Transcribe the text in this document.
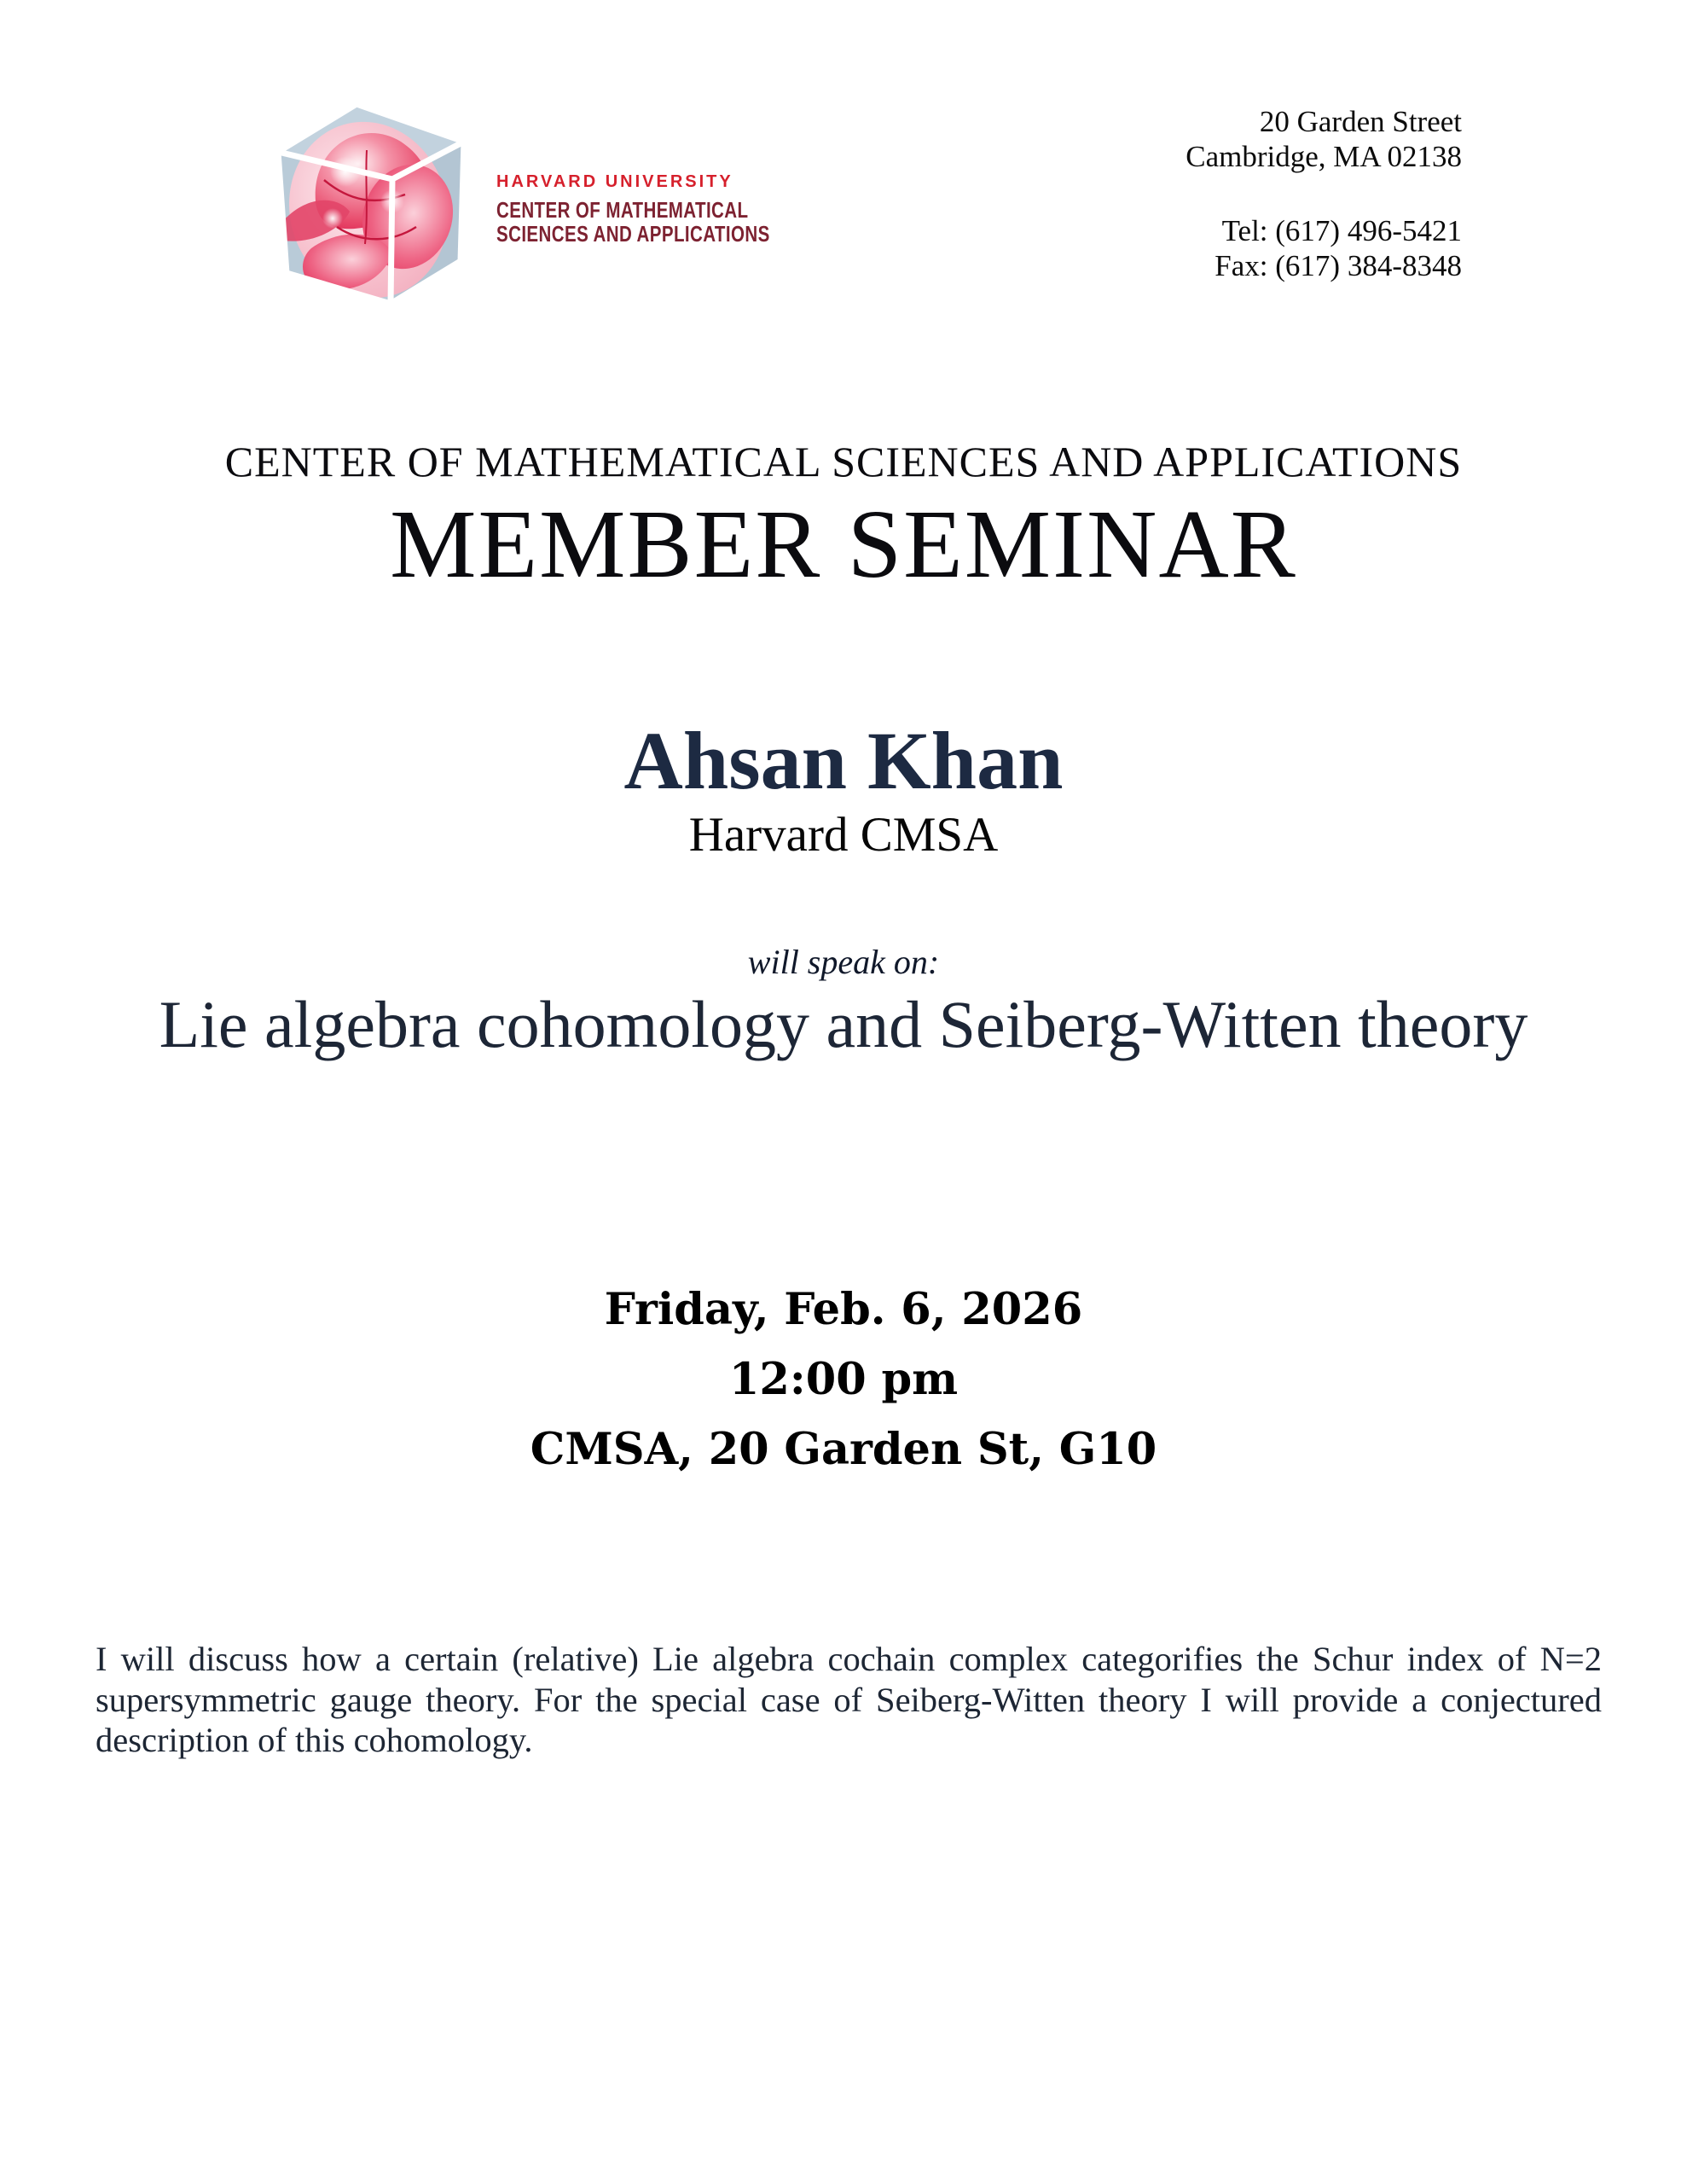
HARVARD UNIVERSITY
CENTER OF MATHEMATICAL
SCIENCES AND APPLICATIONS
20 Garden Street
Cambridge, MA 02138
Tel: (617) 496-5421
Fax: (617) 384-8348
CENTER OF MATHEMATICAL SCIENCES AND APPLICATIONS
MEMBER SEMINAR
Ahsan Khan
Harvard CMSA
will speak on:
Lie algebra cohomology and Seiberg-Witten theory
Friday, Feb. 6, 2026
12:00 pm
CMSA, 20 Garden St, G10

I will discuss how a certain (relative) Lie algebra cochain complex categorifies the Schur index of N=2 supersymmetric gauge theory. For the special case of Seiberg-Witten theory I will provide a conjectured description of this cohomology.
